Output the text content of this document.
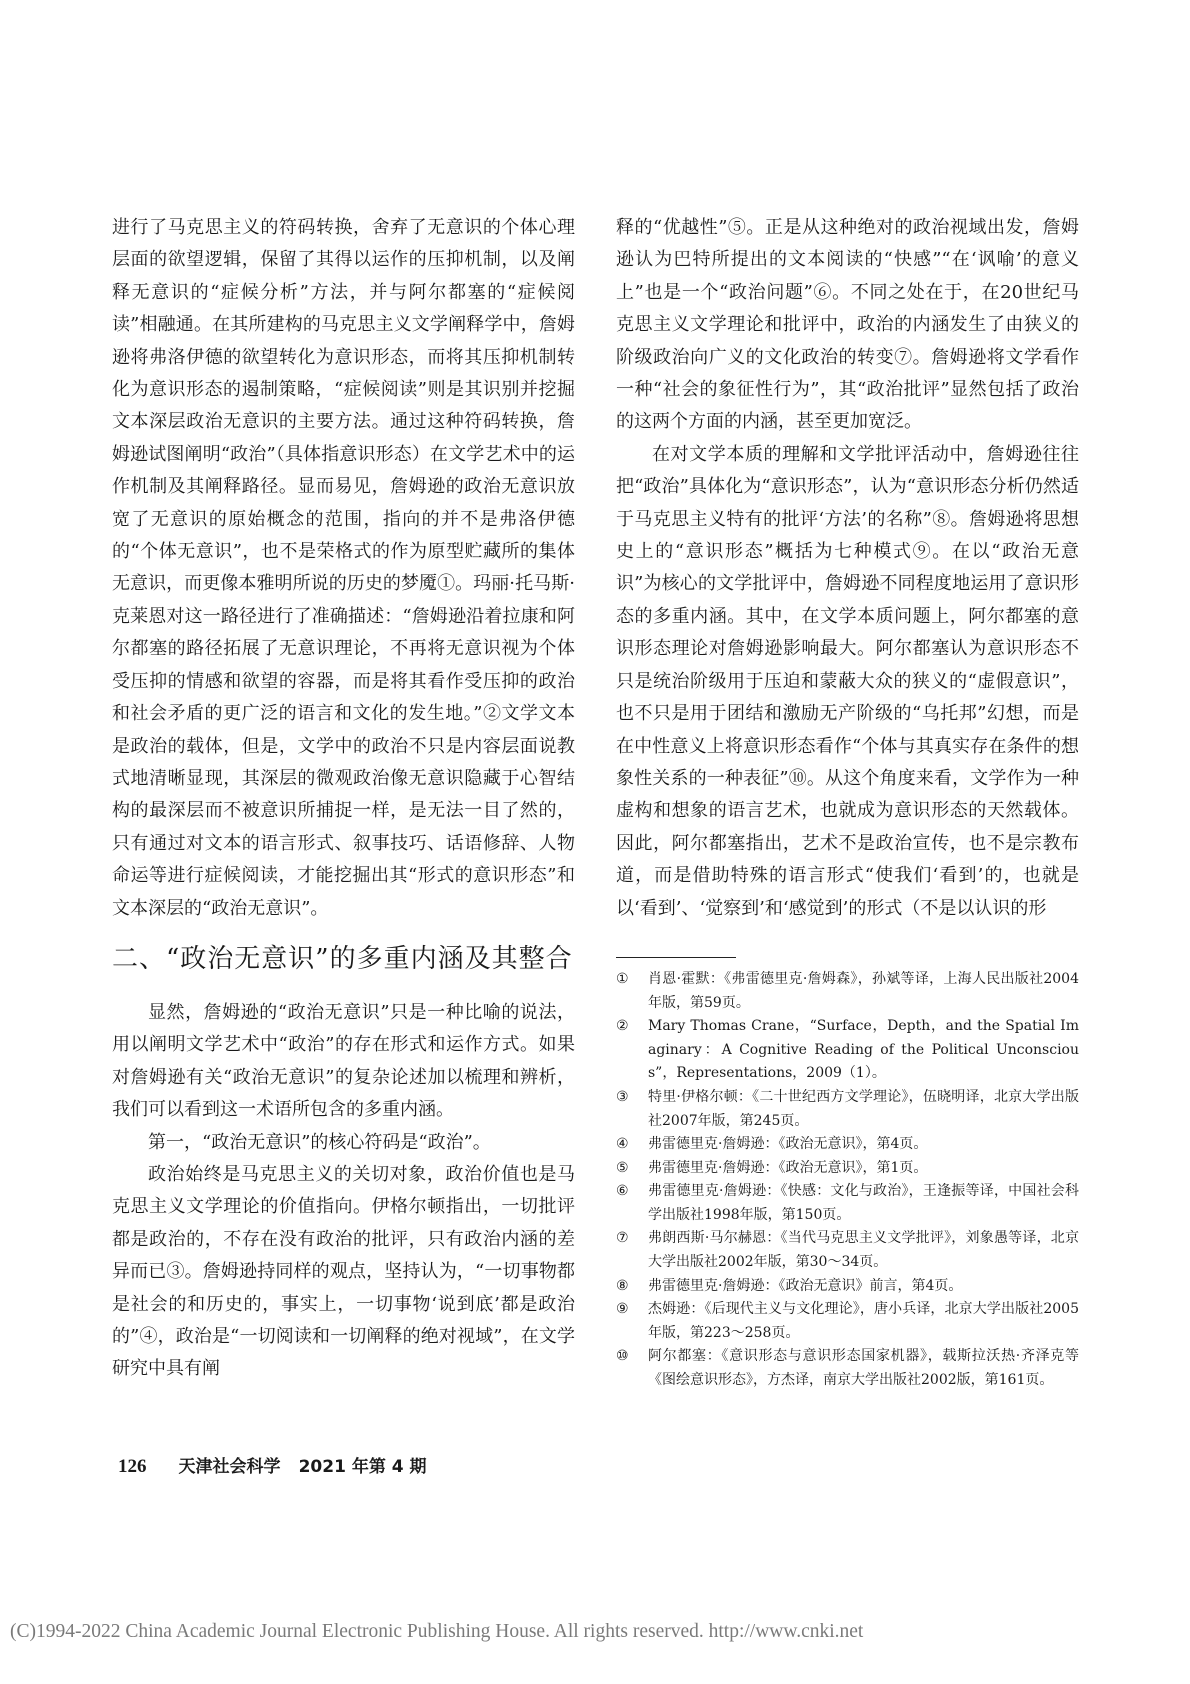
进行了马克思主义的符码转换，舍弃了无意识的个体心理层面的欲望逻辑，保留了其得以运作的压抑机制，以及阐释无意识的“症候分析”方法，并与阿尔都塞的“症候阅读”相融通。在其所建构的马克思主义文学阐释学中，詹姆逊将弗洛伊德的欲望转化为意识形态，而将其压抑机制转化为意识形态的遏制策略，“症候阅读”则是其识别并挖掘文本深层政治无意识的主要方法。通过这种符码转换，詹姆逊试图阐明“政治”（具体指意识形态）在文学艺术中的运作机制及其阐释路径。显而易见，詹姆逊的政治无意识放宽了无意识的原始概念的范围，指向的并不是弗洛伊德的“个体无意识”，也不是荣格式的作为原型贮藏所的集体无意识，而更像本雅明所说的历史的梦魇①。玛丽·托马斯·克莱恩对这一路径进行了准确描述：“詹姆逊沿着拉康和阿尔都塞的路径拓展了无意识理论，不再将无意识视为个体受压抑的情感和欲望的容器，而是将其看作受压抑的政治和社会矛盾的更广泛的语言和文化的发生地。”②文学文本是政治的载体，但是，文学中的政治不只是内容层面说教式地清晰显现，其深层的微观政治像无意识隐藏于心智结构的最深层而不被意识所捕捉一样，是无法一目了然的，只有通过对文本的语言形式、叙事技巧、话语修辞、人物命运等进行症候阅读，才能挖掘出其“形式的意识形态”和文本深层的“政治无意识”。

二、“政治无意识”的多重内涵及其整合

显然，詹姆逊的“政治无意识”只是一种比喻的说法，用以阐明文学艺术中“政治”的存在形式和运作方式。如果对詹姆逊有关“政治无意识”的复杂论述加以梳理和辨析，我们可以看到这一术语所包含的多重内涵。

第一，“政治无意识”的核心符码是“政治”。

政治始终是马克思主义的关切对象，政治价值也是马克思主义文学理论的价值指向。伊格尔顿指出，一切批评都是政治的，不存在没有政治的批评，只有政治内涵的差异而已③。詹姆逊持同样的观点，坚持认为，“一切事物都是社会的和历史的，事实上，一切事物‘说到底’都是政治的”④，政治是“一切阅读和一切阐释的绝对视域”，在文学研究中具有阐

释的“优越性”⑤。正是从这种绝对的政治视域出发，詹姆逊认为巴特所提出的文本阅读的“快感”“在‘讽喻’的意义上”也是一个“政治问题”⑥。不同之处在于，在20世纪马克思主义文学理论和批评中，政治的内涵发生了由狭义的阶级政治向广义的文化政治的转变⑦。詹姆逊将文学看作一种“社会的象征性行为”，其“政治批评”显然包括了政治的这两个方面的内涵，甚至更加宽泛。

在对文学本质的理解和文学批评活动中，詹姆逊往往把“政治”具体化为“意识形态”，认为“意识形态分析仍然适于马克思主义特有的批评‘方法’的名称”⑧。詹姆逊将思想史上的“意识形态”概括为七种模式⑨。在以“政治无意识”为核心的文学批评中，詹姆逊不同程度地运用了意识形态的多重内涵。其中，在文学本质问题上，阿尔都塞的意识形态理论对詹姆逊影响最大。阿尔都塞认为意识形态不只是统治阶级用于压迫和蒙蔽大众的狭义的“虚假意识”，也不只是用于团结和激励无产阶级的“乌托邦”幻想，而是在中性意义上将意识形态看作“个体与其真实存在条件的想象性关系的一种表征”⑩。从这个角度来看，文学作为一种虚构和想象的语言艺术，也就成为意识形态的天然载体。因此，阿尔都塞指出，艺术不是政治宣传，也不是宗教布道，而是借助特殊的语言形式“使我们‘看到’的，也就是以‘看到’、‘觉察到’和‘感觉到’的形式（不是以认识的形

①	肖恩·霍默：《弗雷德里克·詹姆森》，孙斌等译，上海人民出版社2004年版，第59页。
②	Mary Thomas Crane，“Surface，Depth，and the Spatial Imaginary：A Cognitive Reading of the Political Unconscious”，Representations，2009（1）。
③	特里·伊格尔顿：《二十世纪西方文学理论》，伍晓明译，北京大学出版社2007年版，第245页。
④	弗雷德里克·詹姆逊：《政治无意识》，第4页。
⑤	弗雷德里克·詹姆逊：《政治无意识》，第1页。
⑥	弗雷德里克·詹姆逊：《快感：文化与政治》，王逢振等译，中国社会科学出版社1998年版，第150页。
⑦	弗朗西斯·马尔赫恩：《当代马克思主义文学批评》，刘象愚等译，北京大学出版社2002年版，第30～34页。
⑧	弗雷德里克·詹姆逊：《政治无意识》前言，第4页。
⑨	杰姆逊：《后现代主义与文化理论》，唐小兵译，北京大学出版社2005年版，第223～258页。
⑩	阿尔都塞：《意识形态与意识形态国家机器》，载斯拉沃热·齐泽克等《图绘意识形态》，方杰译，南京大学出版社2002版，第161页。
126 天津社会科学 2021 年第 4 期
(C)1994-2022 China Academic Journal Electronic Publishing House. All rights reserved. http://www.cnki.net
